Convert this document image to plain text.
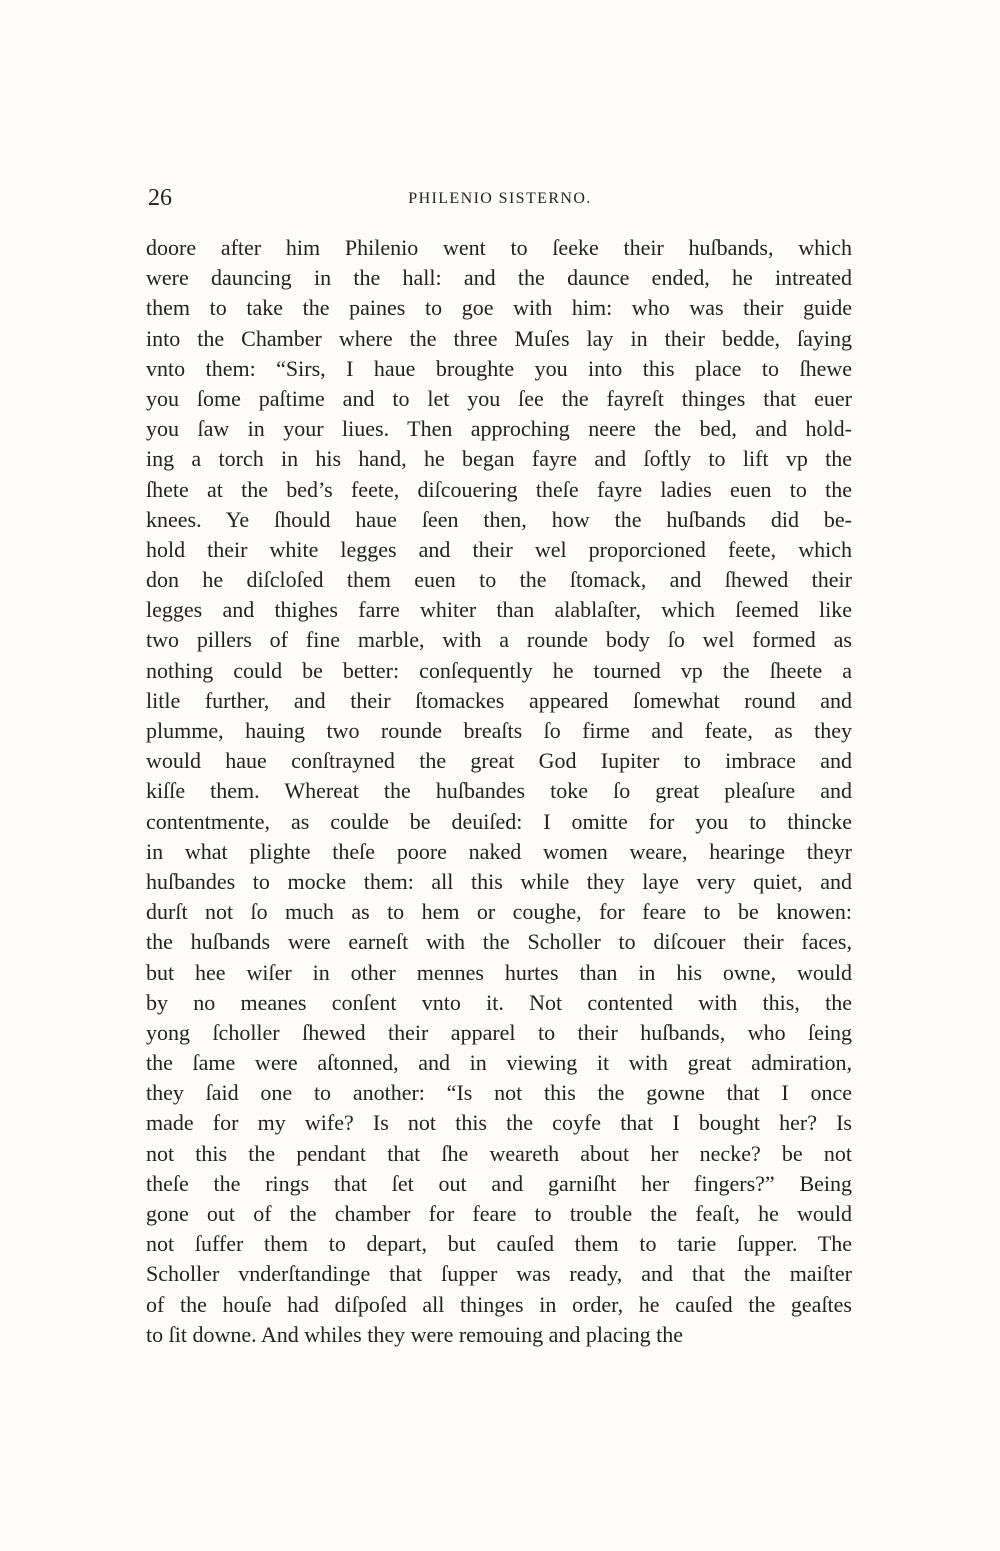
26	PHILENIO SISTERNO.
doore after him Philenio went to ſeeke their huſbands, which
were dauncing in the hall: and the daunce ended, he intreated
them to take the paines to goe with him: who was their guide
into the Chamber where the three Muſes lay in their bedde, ſaying
vnto them: “Sirs, I haue broughte you into this place to ſhewe
you ſome paſtime and to let you ſee the fayreſt thinges that euer
you ſaw in your liues. Then approching neere the bed, and hold-
ing a torch in his hand, he began fayre and ſoftly to lift vp the
ſhete at the bed’s feete, diſcouering theſe fayre ladies euen to the
knees. Ye ſhould haue ſeen then, how the huſbands did be-
hold their white legges and their wel proporcioned feete, which
don he diſcloſed them euen to the ſtomack, and ſhewed their
legges and thighes farre whiter than alablaſter, which ſeemed like
two pillers of fine marble, with a rounde body ſo wel formed as
nothing could be better: conſequently he tourned vp the ſheete a
litle further, and their ſtomackes appeared ſomewhat round and
plumme, hauing two rounde breaſts ſo firme and feate, as they
would haue conſtrayned the great God Iupiter to imbrace and
kiſſe them. Whereat the huſbandes toke ſo great pleaſure and
contentmente, as coulde be deuiſed: I omitte for you to thincke
in what plighte theſe poore naked women weare, hearinge theyr
huſbandes to mocke them: all this while they laye very quiet, and
durſt not ſo much as to hem or coughe, for feare to be knowen:
the huſbands were earneſt with the Scholler to diſcouer their faces,
but hee wiſer in other mennes hurtes than in his owne, would
by no meanes conſent vnto it. Not contented with this, the
yong ſcholler ſhewed their apparel to their huſbands, who ſeing
the ſame were aſtonned, and in viewing it with great admiration,
they ſaid one to another: “Is not this the gowne that I once
made for my wife? Is not this the coyfe that I bought her? Is
not this the pendant that ſhe weareth about her necke? be not
theſe the rings that ſet out and garniſht her fingers?” Being
gone out of the chamber for feare to trouble the feaſt, he would
not ſuffer them to depart, but cauſed them to tarie ſupper. The
Scholler vnderſtandinge that ſupper was ready, and that the maiſter
of the houſe had diſpoſed all thinges in order, he cauſed the geaſtes
to ſit downe. And whiles they were remouing and placing the
